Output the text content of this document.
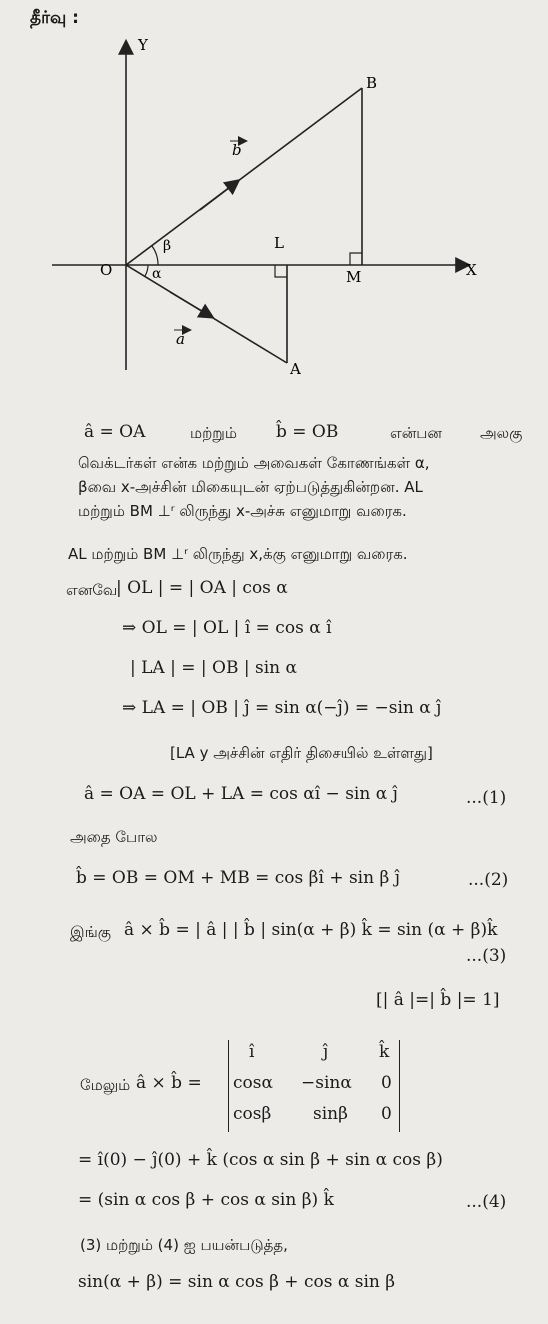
தீர்வு :
Y
X
O
B
A
L
M
β
α
b
a
â = OA	மற்றும் b̂ = OB	என்பன	அலகு
வெக்டர்கள் என்க மற்றும் அவைகள் கோணங்கள் α,
βவை x-அச்சின் மிகையுடன் ஏற்படுத்துகின்றன. AL
மற்றும் BM ⊥ʳ லிருந்து x-அச்சு எனுமாறு வரைக.
AL மற்றும் BM ⊥ʳ லிருந்து x,க்கு எனுமாறு வரைக.
எனவே
| OL | = | OA | cos α
⇒ OL = | OL | î = cos α î
| LA | = | OB | sin α
⇒ LA = | OB | ĵ = sin α(−ĵ) = −sin α ĵ
[LA y அச்சின் எதிர் திசையில் உள்ளது]
â = OA = OL + LA = cos αî − sin α ĵ	...(1)
அதை போல
b̂ = OB = OM + MB = cos βî + sin β ĵ	...(2)
இங்கு â × b̂ = | â | | b̂ | sin(α + β) k̂ = sin (α + β)k̂
...(3)
[| â |=| b̂ |= 1]
மேலும் â × b̂ =
î	ĵ	k̂
cosα −sinα 0
cosβ sinβ 0
= î(0) − ĵ(0) + k̂ (cos α sin β + sin α cos β)
= (sin α cos β + cos α sin β) k̂	...(4)
(3) மற்றும் (4) ஐ பயன்படுத்த,
sin(α + β) = sin α cos β + cos α sin β
